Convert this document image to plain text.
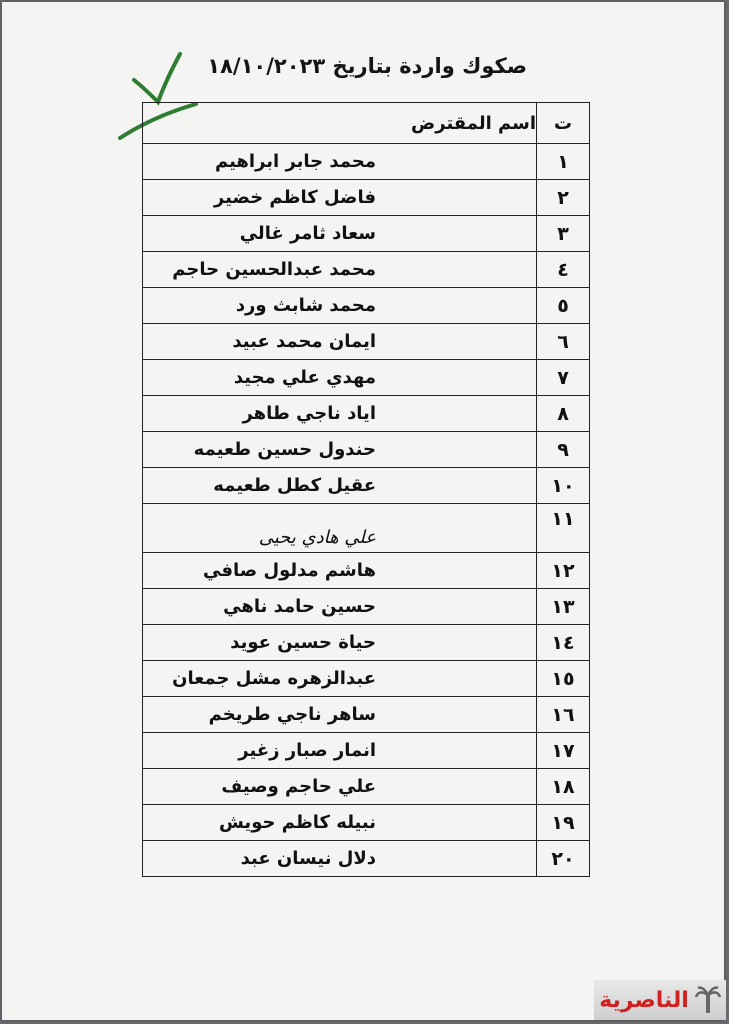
صكوك واردة بتاريخ ١٨/١٠/٢٠٢٣
ت	اسم المقترض
١	محمد جابر ابراهيم
٢	فاضل كاظم خضير
٣	سعاد ثامر غالي
٤	محمد عبدالحسين حاجم
٥	محمد شابث ورد
٦	ايمان محمد عبيد
٧	مهدي علي مجيد
٨	اياد ناجي طاهر
٩	حندول حسين طعيمه
١٠	عقيل كطل طعيمه
١١	علي هادي يحيى
١٢	هاشم مدلول صافي
١٣	حسين حامد ناهي
١٤	حياة حسين عويد
١٥	عبدالزهره مشل جمعان
١٦	ساهر ناجي طريخم
١٧	انمار صبار زغير
١٨	علي حاجم وصيف
١٩	نبيله كاظم حويش
٢٠	دلال نيسان عبد
الناصرية
